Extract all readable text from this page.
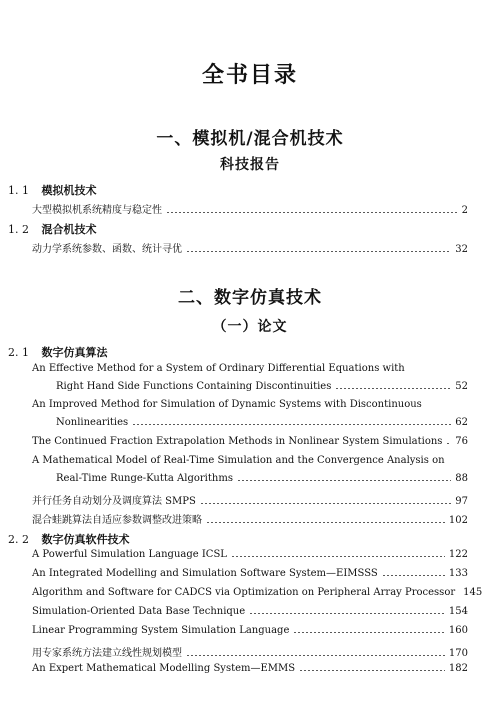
全书目录
一、模拟机/混合机技术
科技报告
1. 1 模拟机技术
大型模拟机系统精度与稳定性	2
1. 2 混合机技术
动力学系统参数、函数、统计寻优	32
二、数字仿真技术
（一）论文
2. 1 数字仿真算法
An Effective Method for a System of Ordinary Differential Equations with
Right Hand Side Functions Containing Discontinuities	52
An Improved Method for Simulation of Dynamic Systems with Discontinuous
Nonlinearities	62
The Continued Fraction Extrapolation Methods in Nonlinear System Simulations 76
A Mathematical Model of Real-Time Simulation and the Convergence Analysis on
Real-Time Runge-Kutta Algorithms	88
并行任务自动划分及调度算法 SMPS	97
混合蛙跳算法自适应参数调整改进策略	102
2. 2 数字仿真软件技术
A Powerful Simulation Language ICSL	122
An Integrated Modelling and Simulation Software System—EIMSSS	133
Algorithm and Software for CADCS via Optimization on Peripheral Array Processor 145
Simulation-Oriented Data Base Technique	154
Linear Programming System Simulation Language	160
用专家系统方法建立线性规划模型	170
An Expert Mathematical Modelling System—EMMS	182
